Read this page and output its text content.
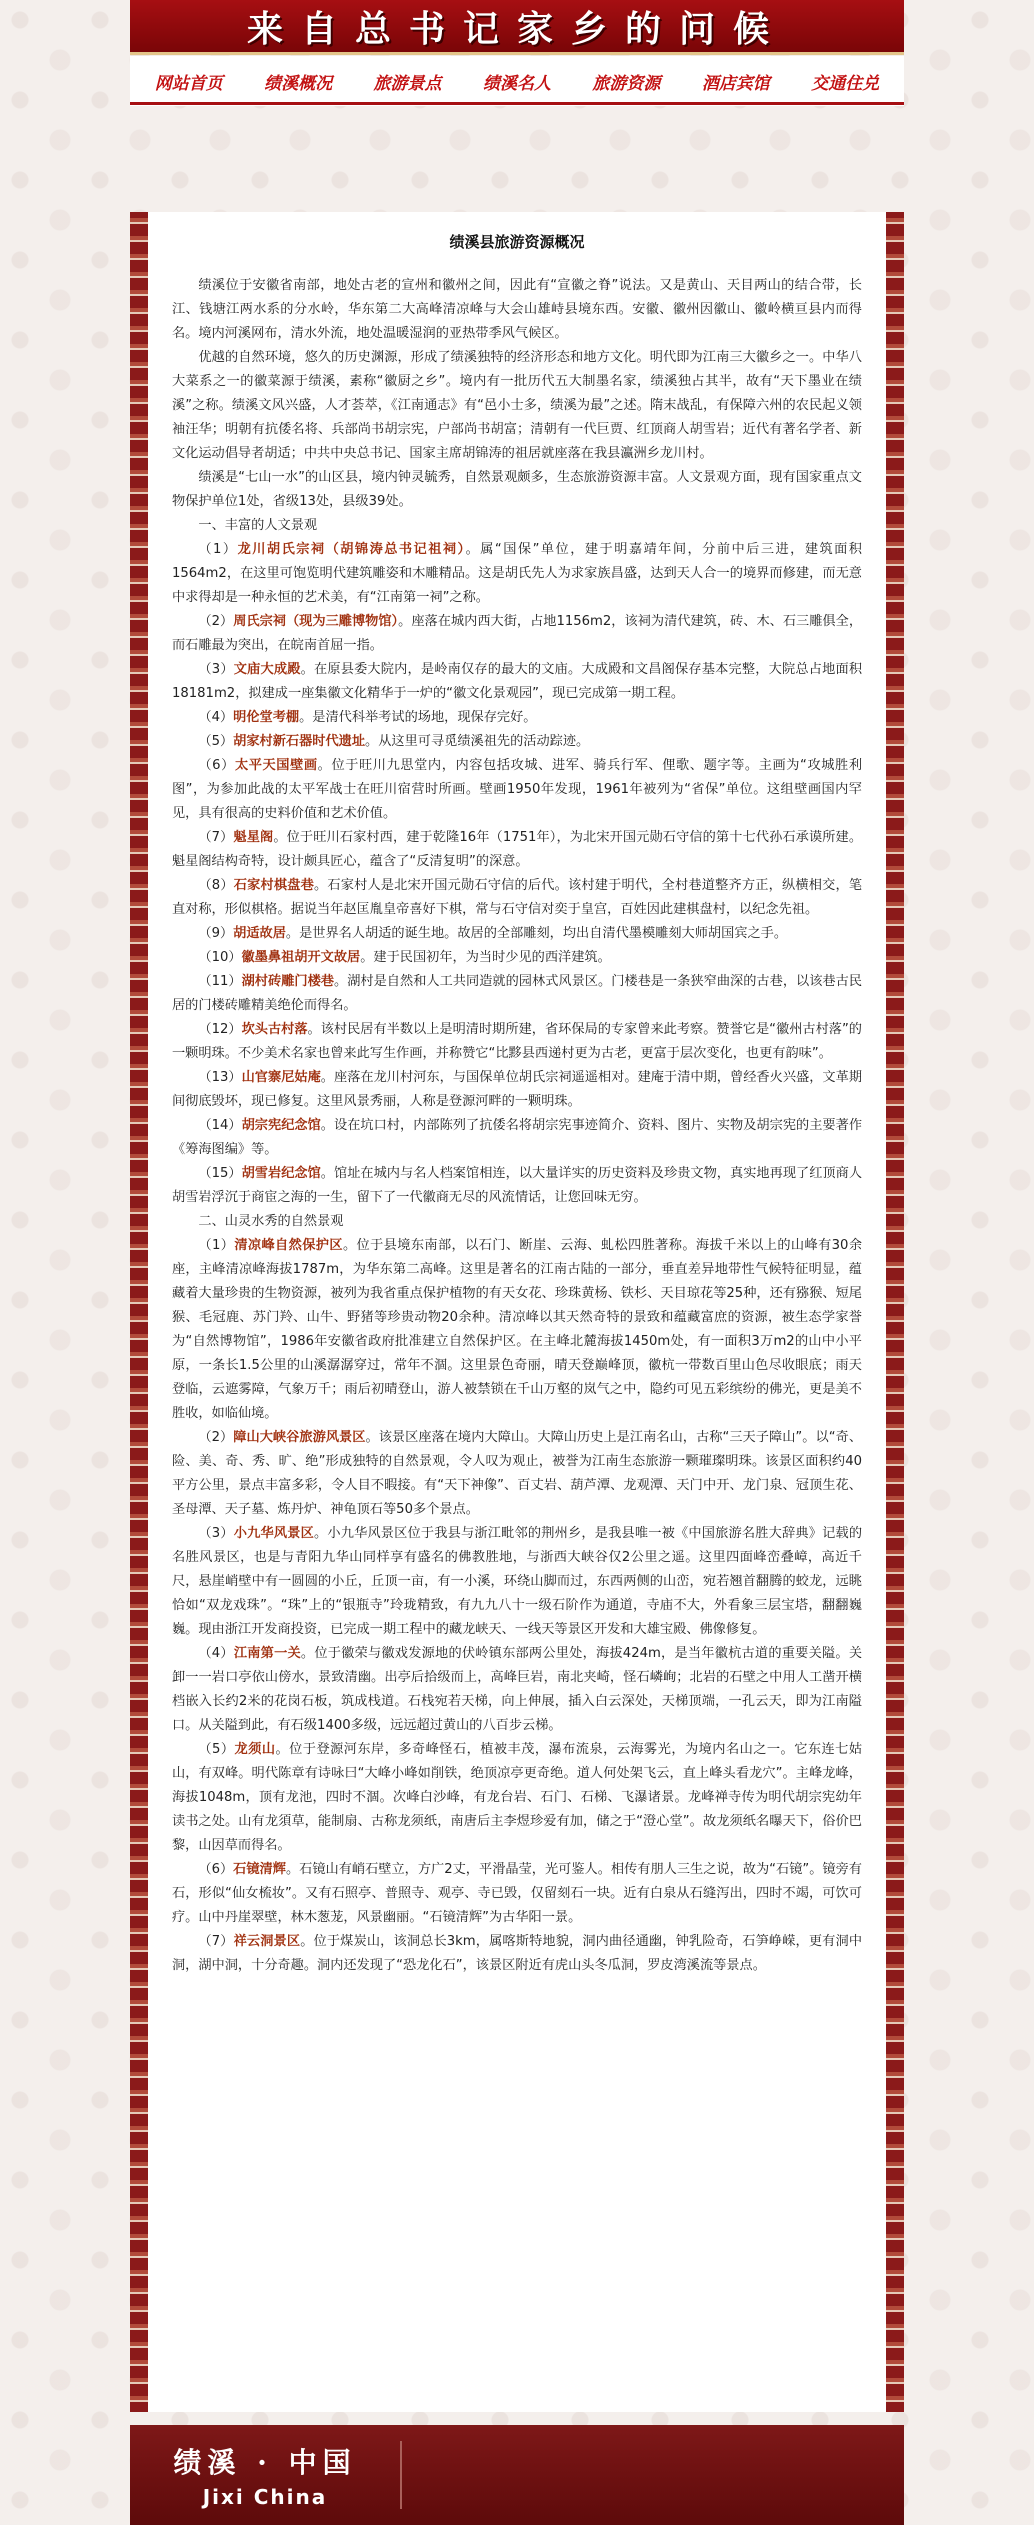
来自总书记家乡的问候
网站首页 绩溪概况 旅游景点 绩溪名人 旅游资源 酒店宾馆 交通住兑
绩溪县旅游资源概况

绩溪位于安徽省南部，地处古老的宣州和徽州之间，因此有“宣徽之脊”说法。又是黄山、天目两山的结合带，长江、钱塘江两水系的分水岭，华东第二大高峰清凉峰与大会山雄峙县境东西。安徽、徽州因徽山、徽岭横亘县内而得名。境内河溪网布，清水外流，地处温暖湿润的亚热带季风气候区。

优越的自然环境，悠久的历史渊源，形成了绩溪独特的经济形态和地方文化。明代即为江南三大徽乡之一。中华八大菜系之一的徽菜源于绩溪，素称“徽厨之乡”。境内有一批历代五大制墨名家，绩溪独占其半，故有“天下墨业在绩溪”之称。绩溪文风兴盛，人才荟萃，《江南通志》有“邑小士多，绩溪为最”之述。隋末战乱，有保障六州的农民起义领袖汪华；明朝有抗倭名将、兵部尚书胡宗宪，户部尚书胡富；清朝有一代巨贾、红顶商人胡雪岩；近代有著名学者、新文化运动倡导者胡适；中共中央总书记、国家主席胡锦涛的祖居就座落在我县瀛洲乡龙川村。

绩溪是“七山一水”的山区县，境内钟灵毓秀，自然景观颇多，生态旅游资源丰富。人文景观方面，现有国家重点文物保护单位1处，省级13处，县级39处。

一、丰富的人文景观

（1）龙川胡氏宗祠（胡锦涛总书记祖祠）。属“国保”单位，建于明嘉靖年间，分前中后三进，建筑面积1564m2，在这里可饱览明代建筑雕姿和木雕精品。这是胡氏先人为求家族昌盛，达到天人合一的境界而修建，而无意中求得却是一种永恒的艺术美，有“江南第一祠”之称。

（2）周氏宗祠（现为三雕博物馆）。座落在城内西大街，占地1156m2，该祠为清代建筑，砖、木、石三雕俱全，而石雕最为突出，在皖南首屈一指。

（3）文庙大成殿。在原县委大院内，是岭南仅存的最大的文庙。大成殿和文昌阁保存基本完整，大院总占地面积18181m2，拟建成一座集徽文化精华于一炉的“徽文化景观园”，现已完成第一期工程。

（4）明伦堂考棚。是清代科举考试的场地，现保存完好。

（5）胡家村新石器时代遗址。从这里可寻觅绩溪祖先的活动踪迹。

（6）太平天国壁画。位于旺川九思堂内，内容包括攻城、进军、骑兵行军、俚歌、题字等。主画为“攻城胜利图”，为参加此战的太平军战士在旺川宿营时所画。壁画1950年发现，1961年被列为“省保”单位。这组壁画国内罕见，具有很高的史料价值和艺术价值。

（7）魁星阁。位于旺川石家村西，建于乾隆16年（1751年），为北宋开国元勋石守信的第十七代孙石承谟所建。魁星阁结构奇特，设计颇具匠心，蕴含了“反清复明”的深意。

（8）石家村棋盘巷。石家村人是北宋开国元勋石守信的后代。该村建于明代，全村巷道整齐方正，纵横相交，笔直对称，形似棋格。据说当年赵匡胤皇帝喜好下棋，常与石守信对奕于皇宫，百姓因此建棋盘村，以纪念先祖。

（9）胡适故居。是世界名人胡适的诞生地。故居的全部雕刻，均出自清代墨模雕刻大师胡国宾之手。

（10）徽墨鼻祖胡开文故居。建于民国初年，为当时少见的西洋建筑。

（11）湖村砖雕门楼巷。湖村是自然和人工共同造就的园林式风景区。门楼巷是一条狭窄曲深的古巷，以该巷古民居的门楼砖雕精美绝伦而得名。

（12）坎头古村落。该村民居有半数以上是明清时期所建，省环保局的专家曾来此考察。赞誉它是“徽州古村落”的一颗明珠。不少美术名家也曾来此写生作画，并称赞它“比黟县西递村更为古老，更富于层次变化，也更有韵味”。

（13）山官寨尼姑庵。座落在龙川村河东，与国保单位胡氏宗祠遥遥相对。建庵于清中期，曾经香火兴盛，文革期间彻底毁坏，现已修复。这里风景秀丽，人称是登源河畔的一颗明珠。

（14）胡宗宪纪念馆。设在坑口村，内部陈列了抗倭名将胡宗宪事迹简介、资料、图片、实物及胡宗宪的主要著作《筹海图编》等。

（15）胡雪岩纪念馆。馆址在城内与名人档案馆相连，以大量详实的历史资料及珍贵文物，真实地再现了红顶商人胡雪岩浮沉于商宦之海的一生，留下了一代徽商无尽的风流情话，让您回味无穷。

二、山灵水秀的自然景观

（1）清凉峰自然保护区。位于县境东南部，以石门、断崖、云海、虬松四胜著称。海拔千米以上的山峰有30余座，主峰清凉峰海拔1787m，为华东第二高峰。这里是著名的江南古陆的一部分，垂直差异地带性气候特征明显，蕴藏着大量珍贵的生物资源，被列为我省重点保护植物的有天女花、珍珠黄杨、铁杉、天目琼花等25种，还有猕猴、短尾猴、毛冠鹿、苏门羚、山牛、野猪等珍贵动物20余种。清凉峰以其天然奇特的景致和蕴藏富庶的资源，被生态学家誉为“自然博物馆”，1986年安徽省政府批准建立自然保护区。在主峰北麓海拔1450m处，有一面积3万m2的山中小平原，一条长1.5公里的山溪潺潺穿过，常年不涸。这里景色奇丽，晴天登巅峰顶，徽杭一带数百里山色尽收眼底；雨天登临，云遮雾障，气象万千；雨后初晴登山，游人被禁锁在千山万壑的岚气之中，隐约可见五彩缤纷的佛光，更是美不胜收，如临仙境。

（2）障山大峡谷旅游风景区。该景区座落在境内大障山。大障山历史上是江南名山，古称“三天子障山”。以“奇、险、美、奇、秀、旷、绝”形成独特的自然景观，令人叹为观止，被誉为江南生态旅游一颗璀璨明珠。该景区面积约40平方公里，景点丰富多彩，令人目不暇接。有“天下神像”、百丈岩、葫芦潭、龙观潭、天门中开、龙门泉、冠顶生花、圣母潭、天子墓、炼丹炉、神龟顶石等50多个景点。

（3）小九华风景区。小九华风景区位于我县与浙江毗邻的荆州乡，是我县唯一被《中国旅游名胜大辞典》记载的名胜风景区，也是与青阳九华山同样享有盛名的佛教胜地，与浙西大峡谷仅2公里之遥。这里四面峰峦叠嶂，高近千尺，悬崖峭壁中有一圆圆的小丘，丘顶一亩，有一小溪，环绕山脚而过，东西两侧的山峦，宛若翘首翻腾的蛟龙，远眺恰如“双龙戏珠”。“珠”上的“银瓶寺”玲珑精致，有九九八十一级石阶作为通道，寺庙不大，外看象三层宝塔，翻翻巍巍。现由浙江开发商投资，已完成一期工程中的藏龙峡天、一线天等景区开发和大雄宝殿、佛像修复。

（4）江南第一关。位于徽荣与徽戏发源地的伏岭镇东部两公里处，海拔424m，是当年徽杭古道的重要关隘。关卸一一岩口亭依山傍水，景致清幽。出亭后拾级而上，高峰巨岩，南北夹崎，怪石嶙峋；北岩的石壁之中用人工凿开横档嵌入长约2米的花岗石板，筑成栈道。石栈宛若天梯，向上伸展，插入白云深处，天梯顶端，一孔云天，即为江南隘口。从关隘到此，有石级1400多级，远远超过黄山的八百步云梯。

（5）龙须山。位于登源河东岸，多奇峰怪石，植被丰茂，瀑布流泉，云海雾光，为境内名山之一。它东连七姑山，有双峰。明代陈章有诗咏曰“大峰小峰如削铁，绝顶凉亭更奇绝。道人何处架飞云，直上峰头看龙穴”。主峰龙峰，海拔1048m，顶有龙池，四时不涸。次峰白沙峰，有龙台岩、石门、石梯、飞瀑诸景。龙峰禅寺传为明代胡宗宪幼年读书之处。山有龙須草，能制扇、古称龙须纸，南唐后主李煜珍爱有加，储之于“澄心堂”。故龙须纸名曝天下，俗价巴黎，山因草而得名。

（6）石镜清辉。石镜山有峭石壁立，方广2丈，平滑晶莹，光可鉴人。相传有朋人三生之说，故为“石镜”。镜旁有石，形似“仙女梳妆”。又有石照亭、普照寺、观亭、寺已毁，仅留刻石一块。近有白泉从石缝泻出，四时不竭，可饮可疗。山中丹崖翠壁，林木葱茏，风景幽丽。“石镜清辉”为古华阳一景。

（7）祥云洞景区。位于煤炭山，该洞总长3km，属喀斯特地貌，洞内曲径通幽，钟乳险奇，石笋峥嵘，更有洞中洞，湖中洞，十分奇趣。洞内还发现了“恐龙化石”，该景区附近有虎山头冬瓜洞，罗皮湾溪流等景点。

绩溪 · 中国
Jixi China
